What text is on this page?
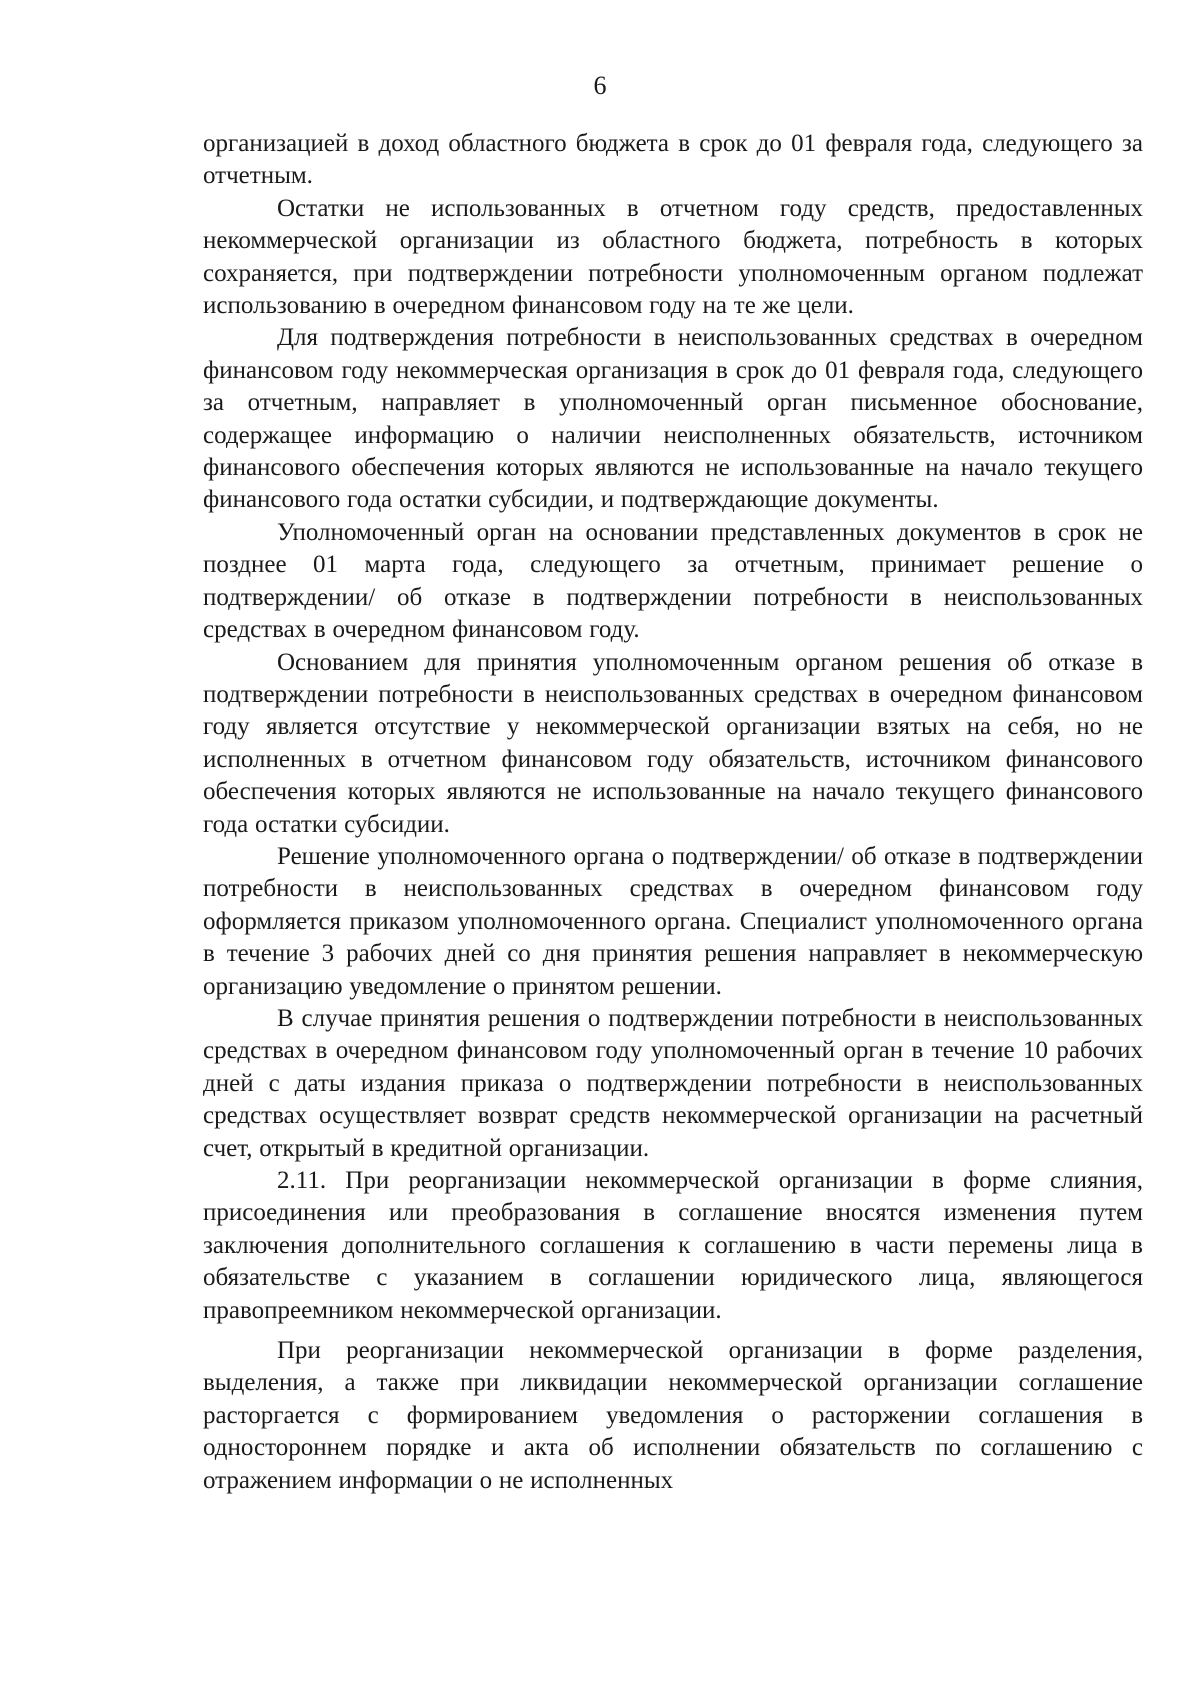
6

организацией в доход областного бюджета в срок до 01 февраля года, следующего за отчетным.

Остатки не использованных в отчетном году средств, предоставленных некоммерческой организации из областного бюджета, потребность в которых сохраняется, при подтверждении потребности уполномоченным органом подлежат использованию в очередном финансовом году на те же цели.

Для подтверждения потребности в неиспользованных средствах в очередном финансовом году некоммерческая организация в срок до 01 февраля года, следующего за отчетным, направляет в уполномоченный орган письменное обоснование, содержащее информацию о наличии неисполненных обязательств, источником финансового обеспечения которых являются не использованные на начало текущего финансового года остатки субсидии, и подтверждающие документы.

Уполномоченный орган на основании представленных документов в срок не позднее 01 марта года, следующего за отчетным, принимает решение о подтверждении/ об отказе в подтверждении потребности в неиспользованных средствах в очередном финансовом году.

Основанием для принятия уполномоченным органом решения об отказе в подтверждении потребности в неиспользованных средствах в очередном финансовом году является отсутствие у некоммерческой организации взятых на себя, но не исполненных в отчетном финансовом году обязательств, источником финансового обеспечения которых являются не использованные на начало текущего финансового года остатки субсидии.

Решение уполномоченного органа о подтверждении/ об отказе в подтверждении потребности в неиспользованных средствах в очередном финансовом году оформляется приказом уполномоченного органа. Специалист уполномоченного органа в течение 3 рабочих дней со дня принятия решения направляет в некоммерческую организацию уведомление о принятом решении.

В случае принятия решения о подтверждении потребности в неиспользованных средствах в очередном финансовом году уполномоченный орган в течение 10 рабочих дней с даты издания приказа о подтверждении потребности в неиспользованных средствах осуществляет возврат средств некоммерческой организации на расчетный счет, открытый в кредитной организации.

2.11. При реорганизации некоммерческой организации в форме слияния, присоединения или преобразования в соглашение вносятся изменения путем заключения дополнительного соглашения к соглашению в части перемены лица в обязательстве с указанием в соглашении юридического лица, являющегося правопреемником некоммерческой организации.

При реорганизации некоммерческой организации в форме разделения, выделения, а также при ликвидации некоммерческой организации соглашение расторгается с формированием уведомления о расторжении соглашения в одностороннем порядке и акта об исполнении обязательств по соглашению с отражением информации о не исполненных
